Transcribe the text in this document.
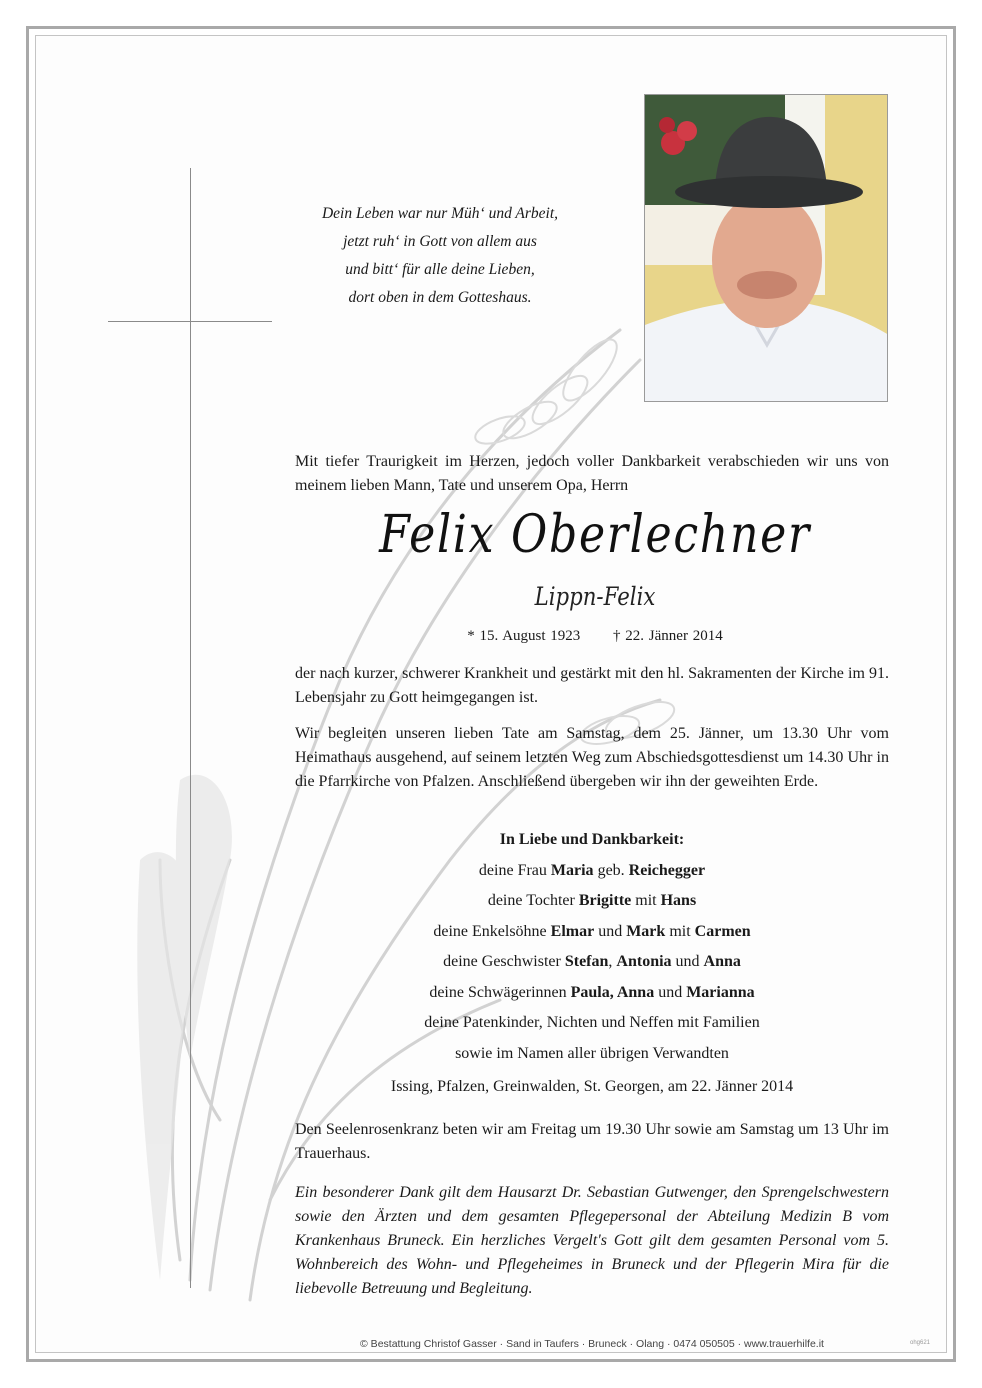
Dein Leben war nur Müh‘ und Arbeit,
jetzt ruh‘ in Gott von allem aus
und bitt‘ für alle deine Lieben,
dort oben in dem Gotteshaus.
Mit tiefer Traurigkeit im Herzen, jedoch voller Dankbarkeit verabschieden wir uns von meinem lieben Mann, Tate und unserem Opa, Herrn
Felix Oberlechner
Lippn-Felix
* 15. August 1923 † 22. Jänner 2014
der nach kurzer, schwerer Krankheit und gestärkt mit den hl. Sakramenten der Kirche im 91. Lebensjahr zu Gott heimgegangen ist.
Wir begleiten unseren lieben Tate am Samstag, dem 25. Jänner, um 13.30 Uhr vom Heimathaus ausgehend, auf seinem letzten Weg zum Abschiedsgottesdienst um 14.30 Uhr in die Pfarrkirche von Pfalzen. Anschließend übergeben wir ihn der geweihten Erde.
In Liebe und Dankbarkeit:
deine Frau Maria geb. Reichegger
deine Tochter Brigitte mit Hans
deine Enkelsöhne Elmar und Mark mit Carmen
deine Geschwister Stefan, Antonia und Anna
deine Schwägerinnen Paula, Anna und Marianna
deine Patenkinder, Nichten und Neffen mit Familien
sowie im Namen aller übrigen Verwandten
Issing, Pfalzen, Greinwalden, St. Georgen, am 22. Jänner 2014
Den Seelenrosenkranz beten wir am Freitag um 19.30 Uhr sowie am Samstag um 13 Uhr im Trauerhaus.
Ein besonderer Dank gilt dem Hausarzt Dr. Sebastian Gutwenger, den Sprengelschwestern sowie den Ärzten und dem gesamten Pflegepersonal der Abteilung Medizin B vom Krankenhaus Bruneck. Ein herzliches Vergelt's Gott gilt dem gesamten Personal vom 5. Wohnbereich des Wohn- und Pflegeheimes in Bruneck und der Pflegerin Mira für die liebevolle Betreuung und Begleitung.
© Bestattung Christof Gasser · Sand in Taufers · Bruneck · Olang · 0474 050505 · www.trauerhilfe.it	ohg621
